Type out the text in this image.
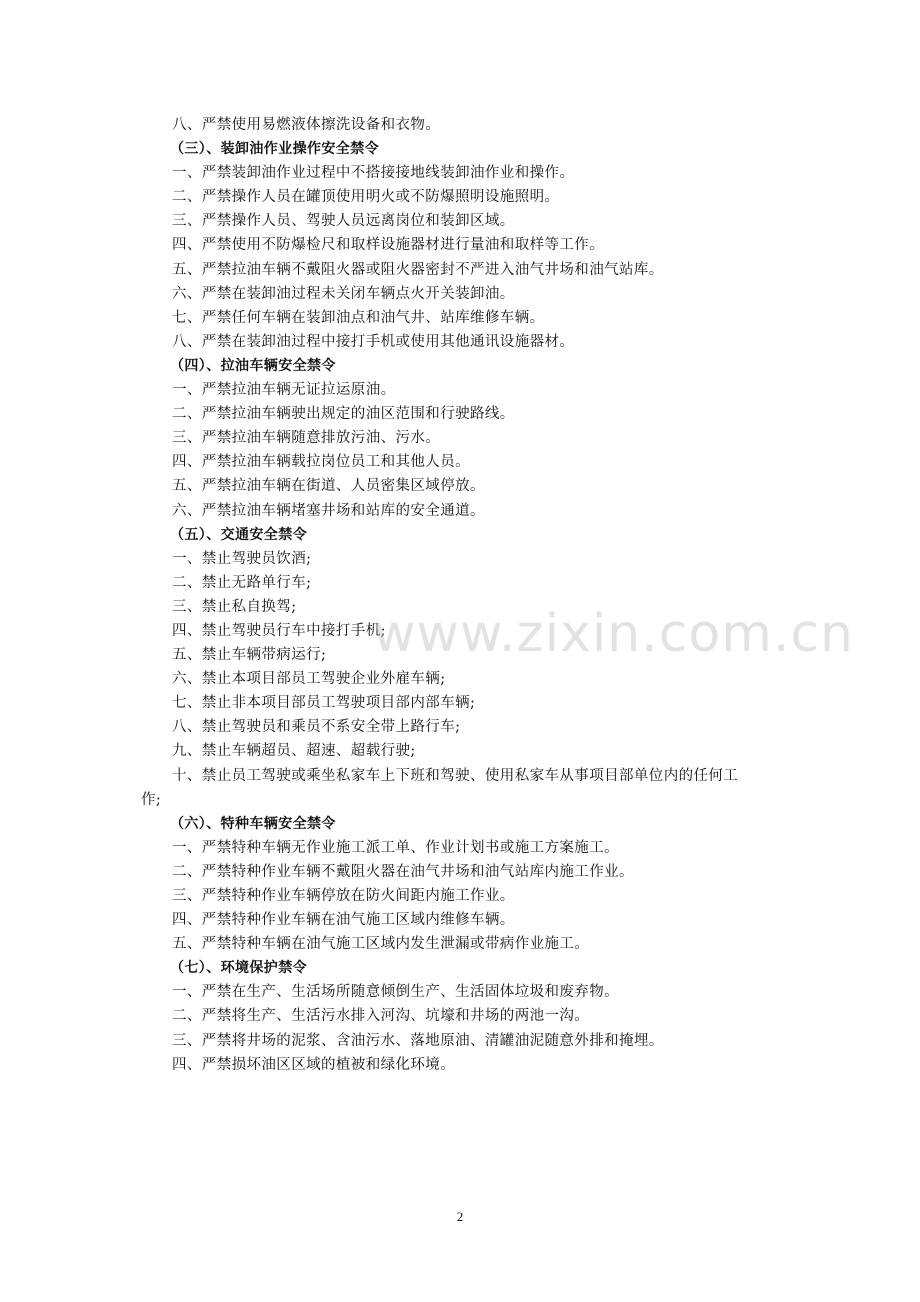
八、严禁使用易燃液体擦洗设备和衣物。
（三）、装卸油作业操作安全禁令
一、严禁装卸油作业过程中不搭接接地线装卸油作业和操作。
二、严禁操作人员在罐顶使用明火或不防爆照明设施照明。
三、严禁操作人员、驾驶人员远离岗位和装卸区域。
四、严禁使用不防爆检尺和取样设施器材进行量油和取样等工作。
五、严禁拉油车辆不戴阻火器或阻火器密封不严进入油气井场和油气站库。
六、严禁在装卸油过程未关闭车辆点火开关装卸油。
七、严禁任何车辆在装卸油点和油气井、站库维修车辆。
八、严禁在装卸油过程中接打手机或使用其他通讯设施器材。
（四）、拉油车辆安全禁令
一、严禁拉油车辆无证拉运原油。
二、严禁拉油车辆驶出规定的油区范围和行驶路线。
三、严禁拉油车辆随意排放污油、污水。
四、严禁拉油车辆载拉岗位员工和其他人员。
五、严禁拉油车辆在街道、人员密集区域停放。
六、严禁拉油车辆堵塞井场和站库的安全通道。
（五）、交通安全禁令
一、禁止驾驶员饮酒;
二、禁止无路单行车;
三、禁止私自换驾;
四、禁止驾驶员行车中接打手机;
五、禁止车辆带病运行;
六、禁止本项目部员工驾驶企业外雇车辆;
七、禁止非本项目部员工驾驶项目部内部车辆;
八、禁止驾驶员和乘员不系安全带上路行车;
九、禁止车辆超员、超速、超载行驶;
十、禁止员工驾驶或乘坐私家车上下班和驾驶、使用私家车从事项目部单位内的任何工
作;
（六）、特种车辆安全禁令
一、严禁特种车辆无作业施工派工单、作业计划书或施工方案施工。
二、严禁特种作业车辆不戴阻火器在油气井场和油气站库内施工作业。
三、严禁特种作业车辆停放在防火间距内施工作业。
四、严禁特种作业车辆在油气施工区域内维修车辆。
五、严禁特种车辆在油气施工区域内发生泄漏或带病作业施工。
（七）、环境保护禁令
一、严禁在生产、生活场所随意倾倒生产、生活固体垃圾和废弃物。
二、严禁将生产、生活污水排入河沟、坑壕和井场的两池一沟。
三、严禁将井场的泥浆、含油污水、落地原油、清罐油泥随意外排和掩埋。
四、严禁损坏油区区域的植被和绿化环境。
www.zixin.com.cn
2
